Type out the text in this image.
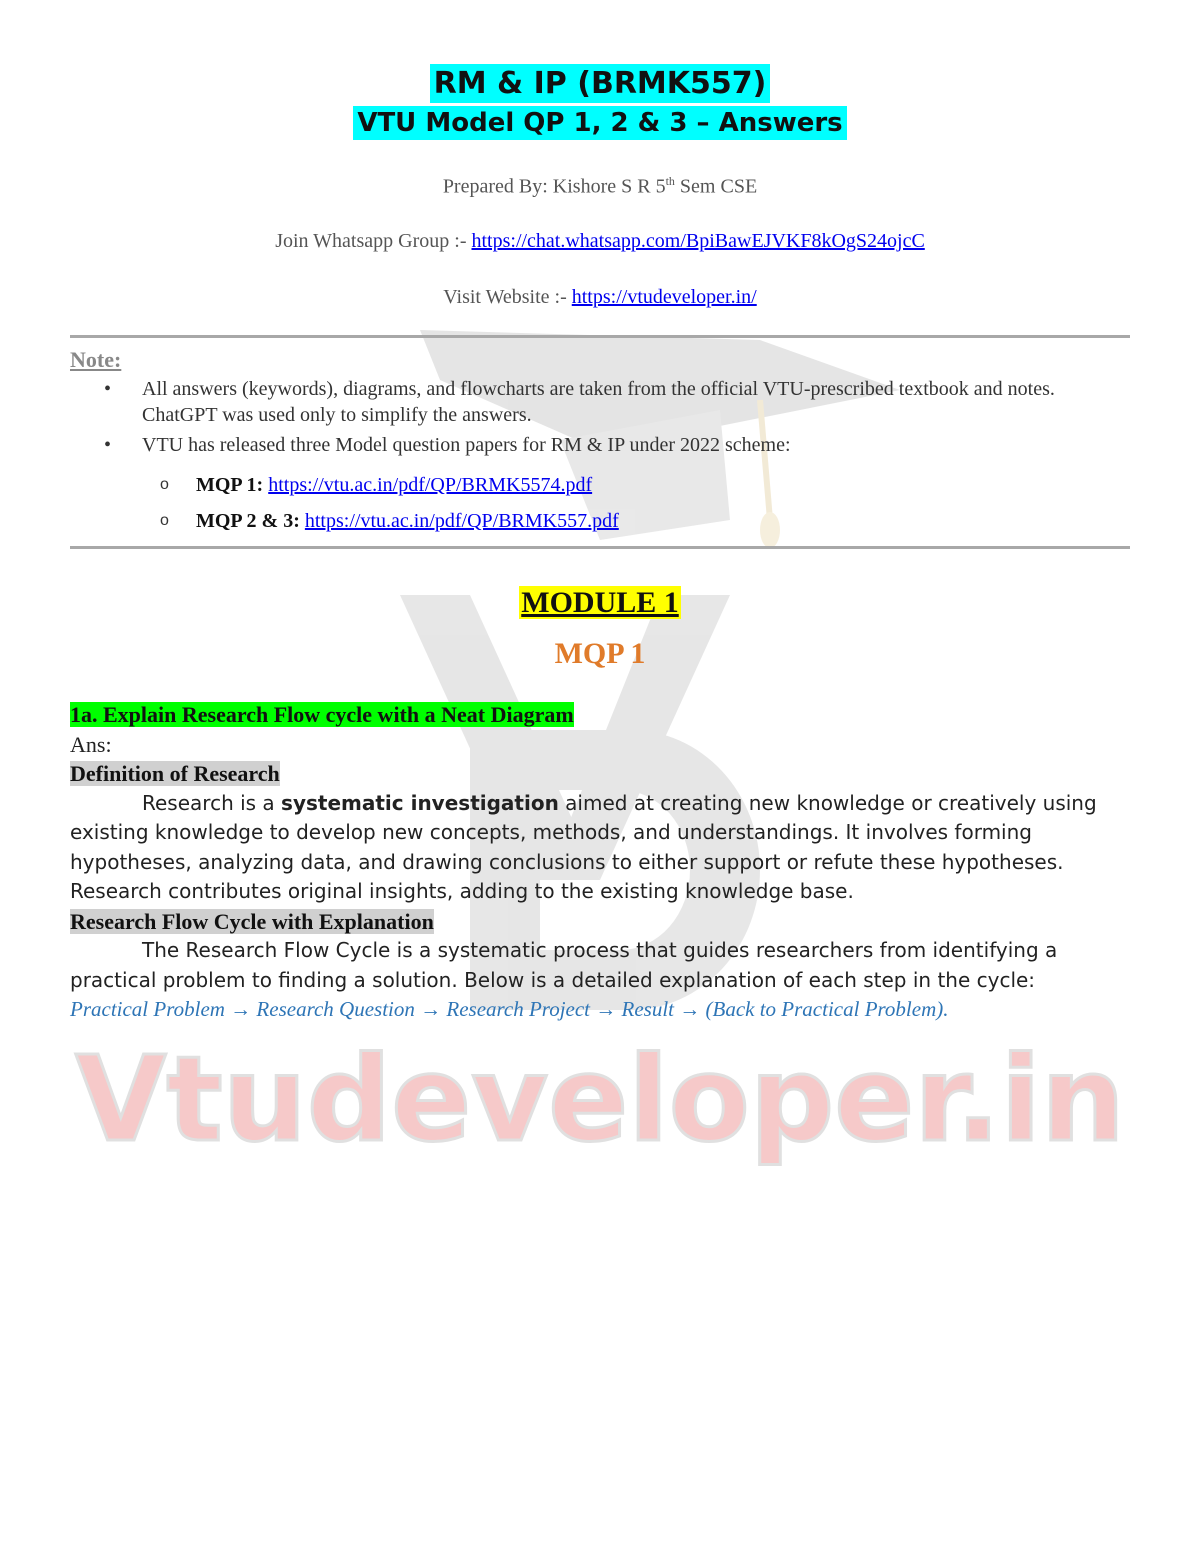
Vtudeveloper.in
RM & IP (BRMK557)
VTU Model QP 1, 2 & 3 – Answers
Prepared By: Kishore S R 5th Sem CSE
Join Whatsapp Group :- https://chat.whatsapp.com/BpiBawEJVKF8kOgS24ojcC
Visit Website :- https://vtudeveloper.in/
Note:
• All answers (keywords), diagrams, and flowcharts are taken from the official VTU-prescribed textbook and notes. ChatGPT was used only to simplify the answers.
• VTU has released three Model question papers for RM & IP under 2022 scheme:
o MQP 1: https://vtu.ac.in/pdf/QP/BRMK5574.pdf
o MQP 2 & 3: https://vtu.ac.in/pdf/QP/BRMK557.pdf
MODULE 1
MQP 1
1a. Explain Research Flow cycle with a Neat Diagram
Ans:
Definition of Research
Research is a systematic investigation aimed at creating new knowledge or creatively using existing knowledge to develop new concepts, methods, and understandings. It involves forming hypotheses, analyzing data, and drawing conclusions to either support or refute these hypotheses. Research contributes original insights, adding to the existing knowledge base.
Research Flow Cycle with Explanation
The Research Flow Cycle is a systematic process that guides researchers from identifying a practical problem to finding a solution. Below is a detailed explanation of each step in the cycle:
Practical Problem → Research Question → Research Project → Result → (Back to Practical Problem).
